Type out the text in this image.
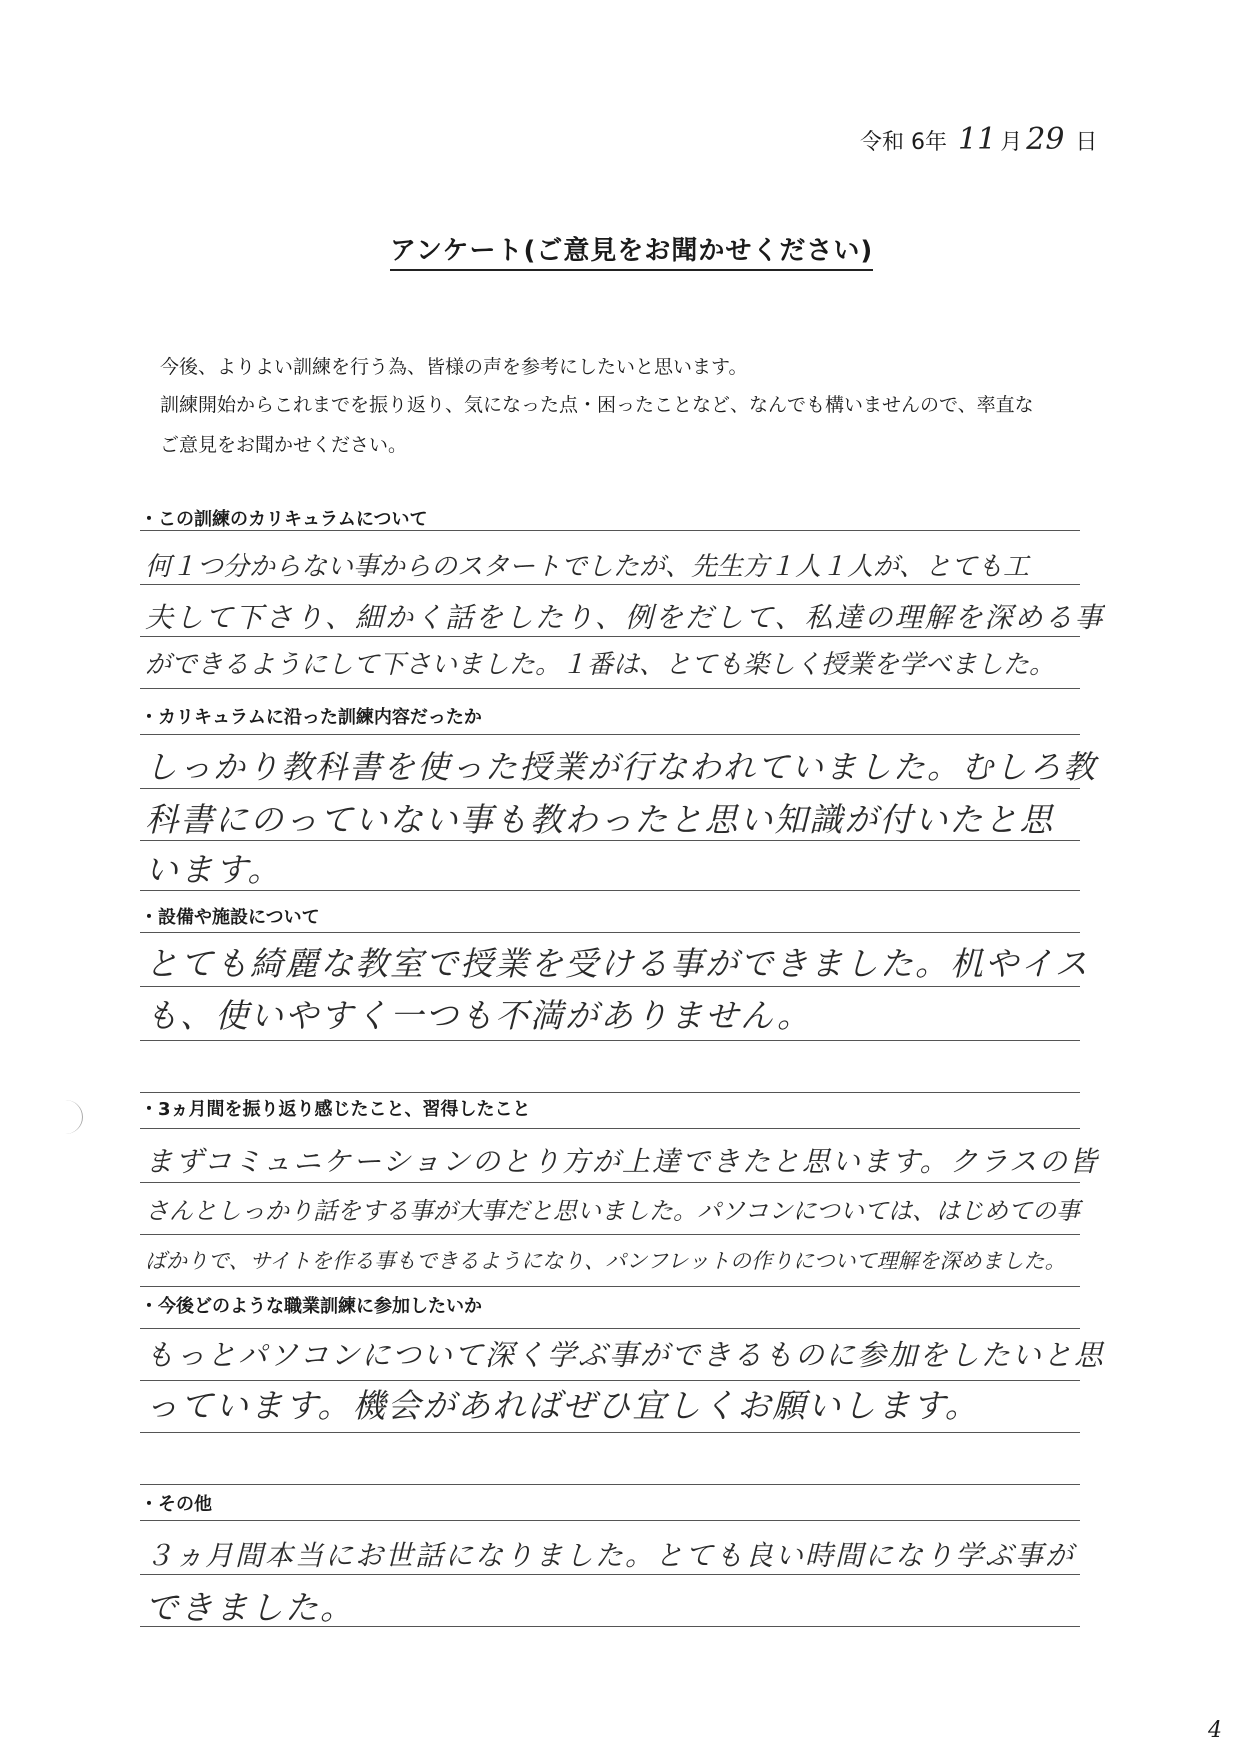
令和 6年 11 月 29 日
アンケート(ご意見をお聞かせください)
今後、よりよい訓練を行う為、皆様の声を参考にしたいと思います。
訓練開始からこれまでを振り返り、気になった点・困ったことなど、なんでも構いませんので、率直な
ご意見をお聞かせください。
・この訓練のカリキュラムについて
何１つ分からない事からのスタートでしたが、先生方１人１人が、とても工
夫して下さり、細かく話をしたり、例をだして、私達の理解を深める事
ができるようにして下さいました。１番は、とても楽しく授業を学べました。
・カリキュラムに沿った訓練内容だったか
しっかり教科書を使った授業が行なわれていました。むしろ教
科書にのっていない事も教わったと思い知識が付いたと思
います。
・設備や施設について
とても綺麗な教室で授業を受ける事ができました。机やイス
も、使いやすく一つも不満がありません。
・3ヵ月間を振り返り感じたこと、習得したこと
まずコミュニケーションのとり方が上達できたと思います。クラスの皆
さんとしっかり話をする事が大事だと思いました。パソコンについては、はじめての事
ばかりで、サイトを作る事もできるようになり、パンフレットの作りについて理解を深めました。
・今後どのような職業訓練に参加したいか
もっとパソコンについて深く学ぶ事ができるものに参加をしたいと思
っています。機会があればぜひ宜しくお願いします。
・その他
３ヵ月間本当にお世話になりました。とても良い時間になり学ぶ事が
できました。
4
